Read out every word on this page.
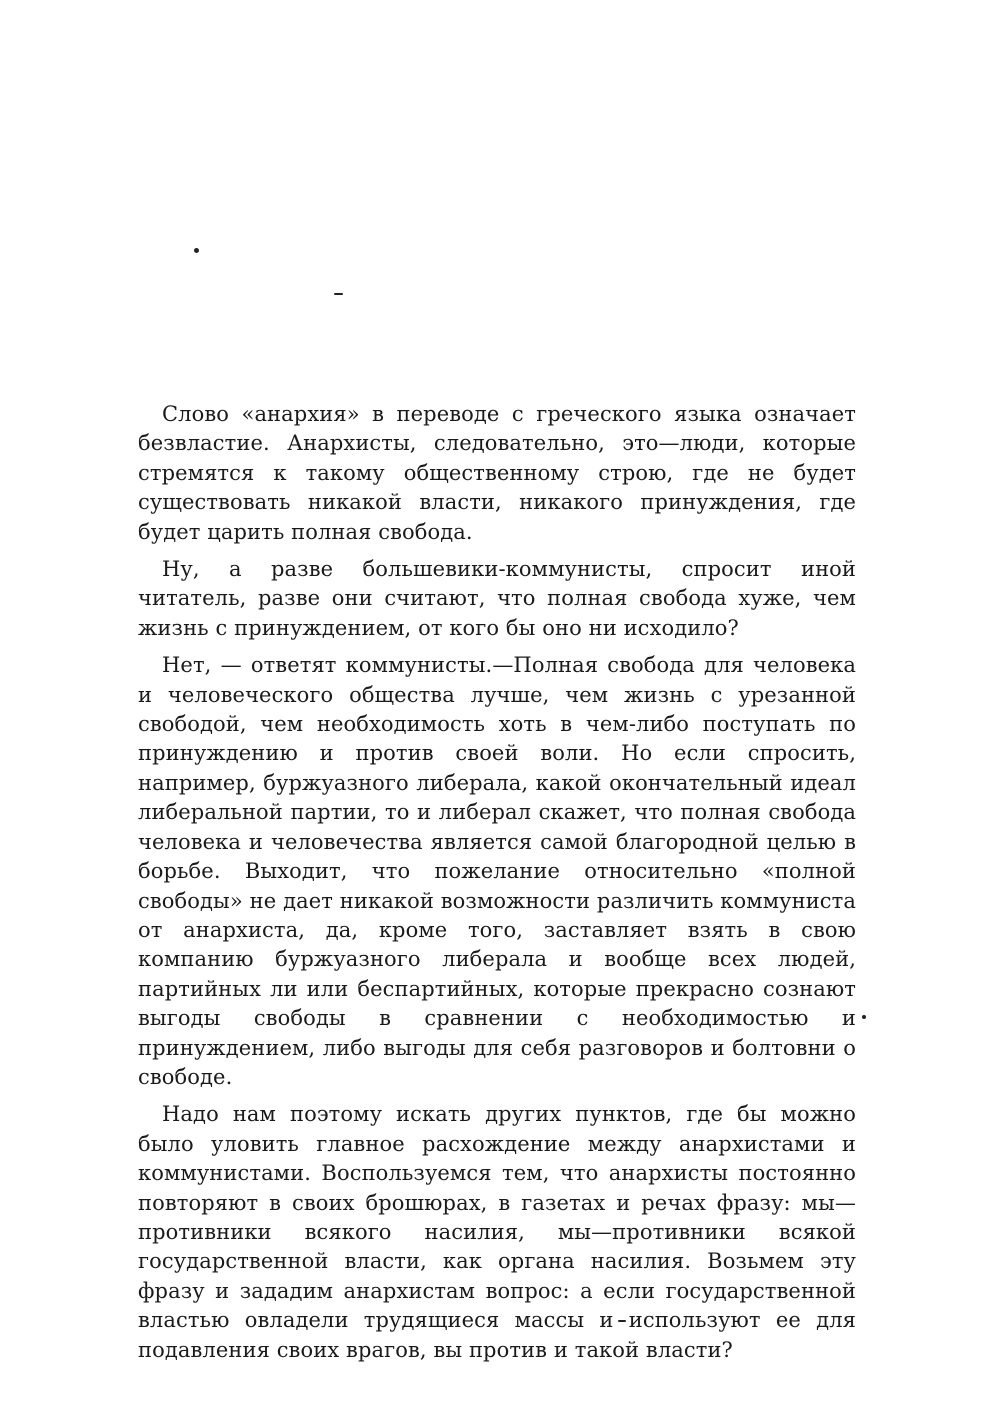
Слово «анархия» в переводе с греческого языка означает безвластие. Анархисты, следовательно, это—люди, которые стремятся к такому общественному строю, где не будет существовать никакой власти, никакого принуждения, где будет царить полная свобода.

Ну, а разве большевики-коммунисты, спросит иной читатель, разве они считают, что полная свобода хуже, чем жизнь с принуждением, от кого бы оно ни исходило?

Нет, — ответят коммунисты.—Полная свобода для человека и человеческого общества лучше, чем жизнь с урезанной свободой, чем необходимость хоть в чем-либо поступать по принуждению и против своей воли. Но если спросить, например, буржуазного либерала, какой окончательный идеал либеральной партии, то и либерал скажет, что полная свобода человека и человечества является самой благородной целью в борьбе. Выходит, что пожелание относительно «полной свободы» не дает никакой возможности различить коммуниста от анархиста, да, кроме того, заставляет взять в свою компанию буржуазного либерала и вообще всех людей, партийных ли или беспартийных, которые прекрасно сознают выгоды свободы в сравнении с необходимостью и принуждением, либо выгоды для себя разговоров и болтовни о свободе.

Надо нам поэтому искать других пунктов, где бы можно было уловить главное расхождение между анархистами и коммунистами. Воспользуемся тем, что анархисты постоянно повторяют в своих брошюрах, в газетах и речах фразу: мы—противники всякого насилия, мы—противники всякой государственной власти, как органа насилия. Возьмем эту фразу и зададим анархистам вопрос: а если государственной властью овладели трудящиеся массы и используют ее для подавления своих врагов, вы против и такой власти?
